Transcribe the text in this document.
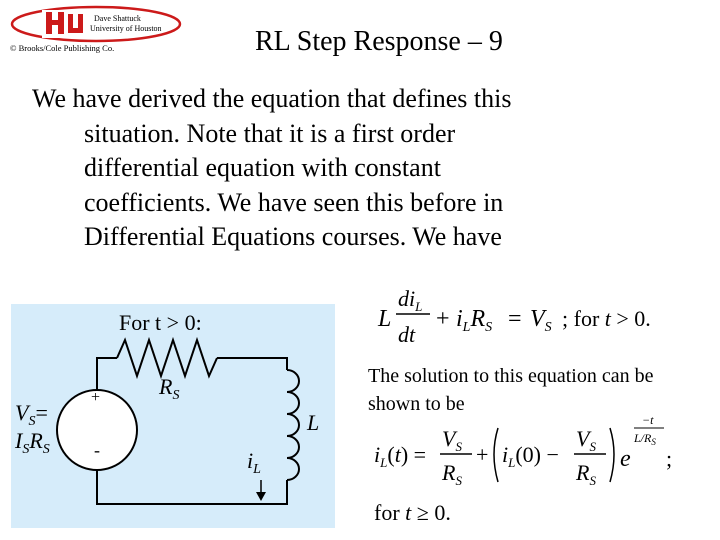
Dave Shattuck
University of Houston
© Brooks/Cole Publishing Co.	RL Step Response – 9
We have derived the equation that defines this
situation. Note that it is a first order
differential equation with constant
coefficients. We have seen this before in
Differential Equations courses. We have
For t > 0:
+
-
$V_S=$
$I_SR_S$
$R_S$
L
$i_L$
L
$di_L$
dt
+ $i_LR_S = V_S$ ; for t > 0.
The solution to this equation can be shown to be
$i_L(t)$ =
$V_S$
$R_S$
+ $i_L(0)$ −
$V_S$
$R_S$
e
−t
$L/R_S$
;
for t ≥ 0.
